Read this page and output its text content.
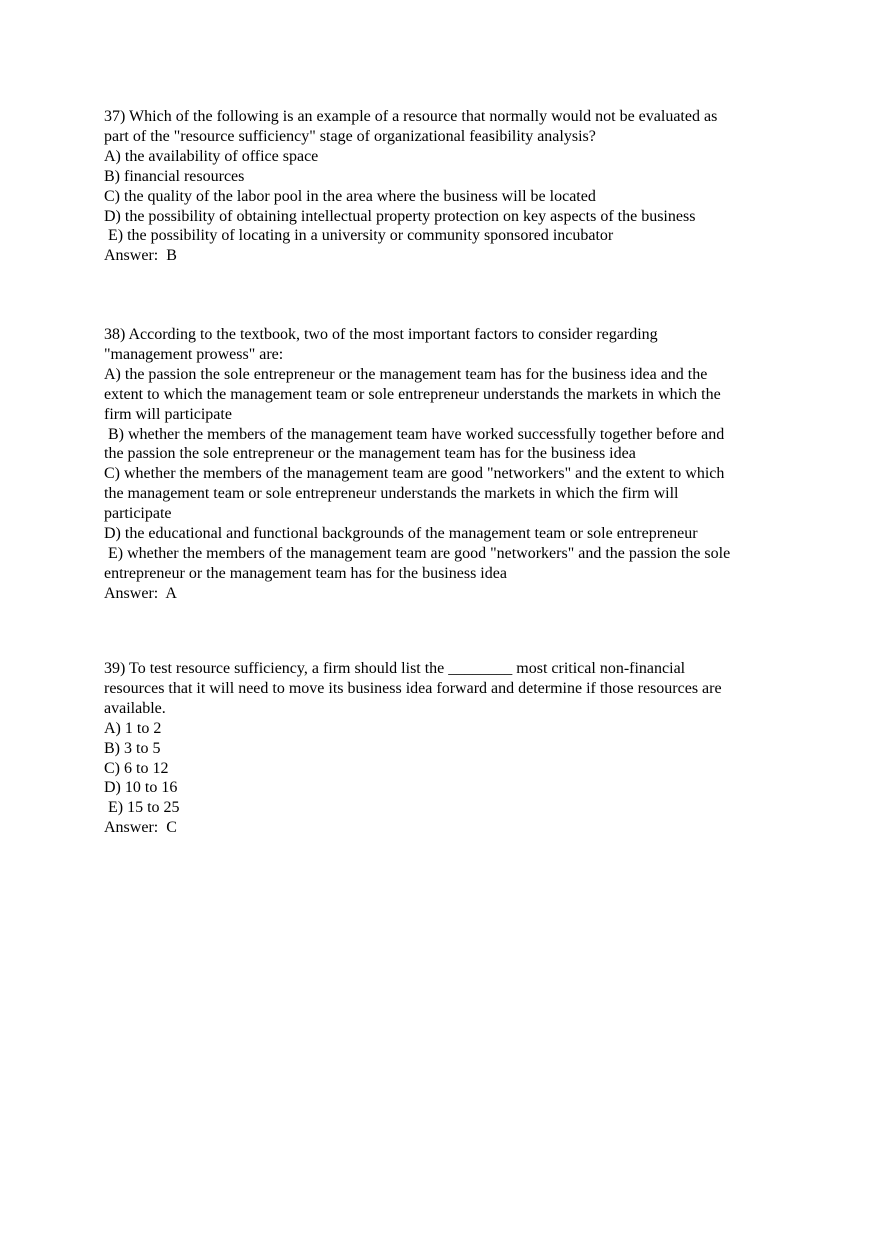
37) Which of the following is an example of a resource that normally would not be evaluated as
part of the "resource sufficiency" stage of organizational feasibility analysis?
A) the availability of office space
B) financial resources
C) the quality of the labor pool in the area where the business will be located
D) the possibility of obtaining intellectual property protection on key aspects of the business
E) the possibility of locating in a university or community sponsored incubator
Answer:  B
38) According to the textbook, two of the most important factors to consider regarding
"management prowess" are:
A) the passion the sole entrepreneur or the management team has for the business idea and the
extent to which the management team or sole entrepreneur understands the markets in which the
firm will participate
B) whether the members of the management team have worked successfully together before and
the passion the sole entrepreneur or the management team has for the business idea
C) whether the members of the management team are good "networkers" and the extent to which
the management team or sole entrepreneur understands the markets in which the firm will
participate
D) the educational and functional backgrounds of the management team or sole entrepreneur
E) whether the members of the management team are good "networkers" and the passion the sole
entrepreneur or the management team has for the business idea
Answer:  A
39) To test resource sufficiency, a firm should list the ________ most critical non-financial
resources that it will need to move its business idea forward and determine if those resources are
available.
A) 1 to 2
B) 3 to 5
C) 6 to 12
D) 10 to 16
E) 15 to 25
Answer:  C
